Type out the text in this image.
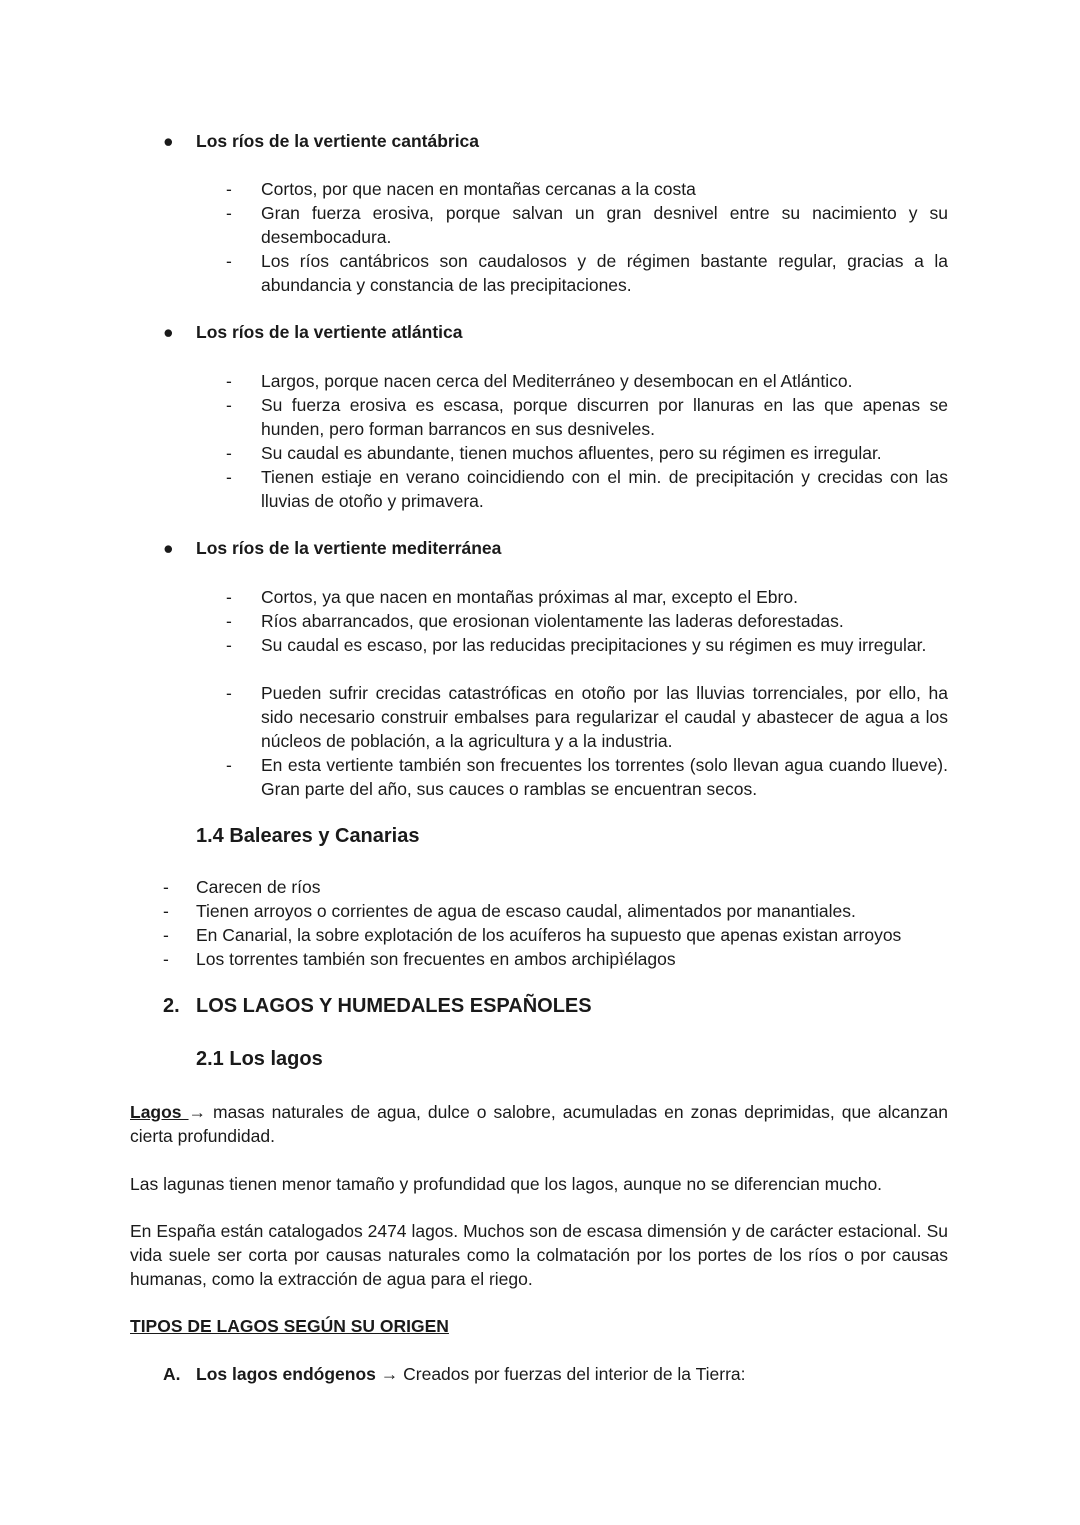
● Los ríos de la vertiente cantábrica
- Cortos, por que nacen en montañas cercanas a la costa
- Gran fuerza erosiva, porque salvan un gran desnivel entre su nacimiento y su desembocadura.
- Los ríos cantábricos son caudalosos y de régimen bastante regular, gracias a la abundancia y constancia de las precipitaciones.
● Los ríos de la vertiente atlántica
- Largos, porque nacen cerca del Mediterráneo y desembocan en el Atlántico.
- Su fuerza erosiva es escasa, porque discurren por llanuras en las que apenas se hunden, pero forman barrancos en sus desniveles.
- Su caudal es abundante, tienen muchos afluentes, pero su régimen es irregular.
- Tienen estiaje en verano coincidiendo con el min. de precipitación y crecidas con las lluvias de otoño y primavera.
● Los ríos de la vertiente mediterránea
- Cortos, ya que nacen en montañas próximas al mar, excepto el Ebro.
- Ríos abarrancados, que erosionan violentamente las laderas deforestadas.
- Su caudal es escaso, por las reducidas precipitaciones y su régimen es muy irregular.
- Pueden sufrir crecidas catastróficas en otoño por las lluvias torrenciales, por ello, ha sido necesario construir embalses para regularizar el caudal y abastecer de agua a los núcleos de población, a la agricultura y a la industria.
- En esta vertiente también son frecuentes los torrentes (solo llevan agua cuando llueve). Gran parte del año, sus cauces o ramblas se encuentran secos.
1.4 Baleares y Canarias
- Carecen de ríos
- Tienen arroyos o corrientes de agua de escaso caudal, alimentados por manantiales.
- En Canarial, la sobre explotación de los acuíferos ha supuesto que apenas existan arroyos
- Los torrentes también son frecuentes en ambos archipìélagos
2. LOS LAGOS Y HUMEDALES ESPAÑOLES
2.1 Los lagos
Lagos → masas naturales de agua, dulce o salobre, acumuladas en zonas deprimidas, que alcanzan cierta profundidad.
Las lagunas tienen menor tamaño y profundidad que los lagos, aunque no se diferencian mucho.
En España están catalogados 2474 lagos. Muchos son de escasa dimensión y de carácter estacional. Su vida suele ser corta por causas naturales como la colmatación por los portes de los ríos o por causas humanas, como la extracción de agua para el riego.
TIPOS DE LAGOS SEGÚN SU ORIGEN
A. Los lagos endógenos → Creados por fuerzas del interior de la Tierra:
